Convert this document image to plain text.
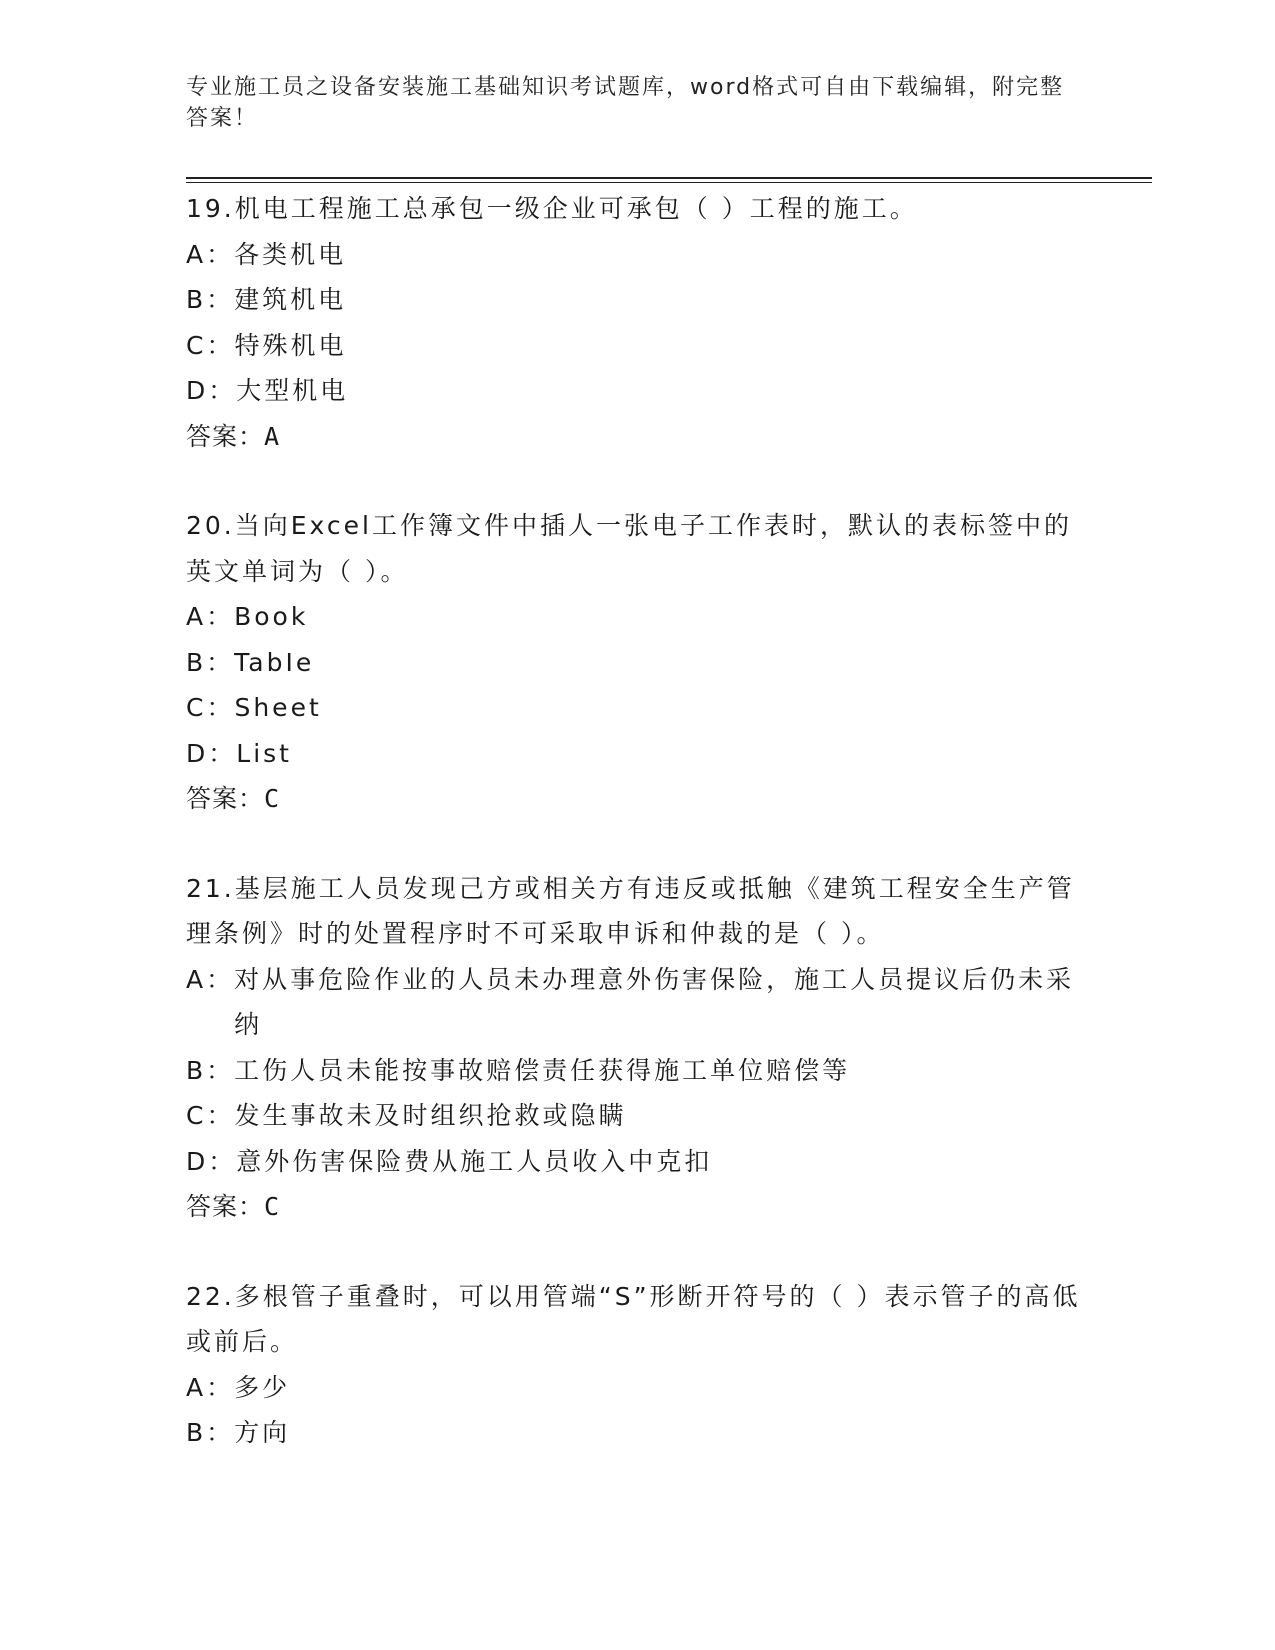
专业施工员之设备安装施工基础知识考试题库，word格式可自由下载编辑，附完整答案！

19.机电工程施工总承包一级企业可承包（ ）工程的施工。

A： 各类机电

B： 建筑机电

C： 特殊机电

D： 大型机电

答案：A

20.当向Excel工作簿文件中插人一张电子工作表时，默认的表标签中的英文单词为（ ）。

A： Book

B： TabIe

C： Sheet

D： List

答案：C

21.基层施工人员发现己方或相关方有违反或抵触《建筑工程安全生产管理条例》时的处置程序时不可采取申诉和仲裁的是（ ）。

A： 对从事危险作业的人员未办理意外伤害保险，施工人员提议后仍未采纳

B： 工伤人员未能按事故赔偿责任获得施工单位赔偿等

C： 发生事故未及时组织抢救或隐瞒

D： 意外伤害保险费从施工人员收入中克扣

答案：C

22.多根管子重叠时，可以用管端“S”形断开符号的（ ）表示管子的高低或前后。

A： 多少

B： 方向
